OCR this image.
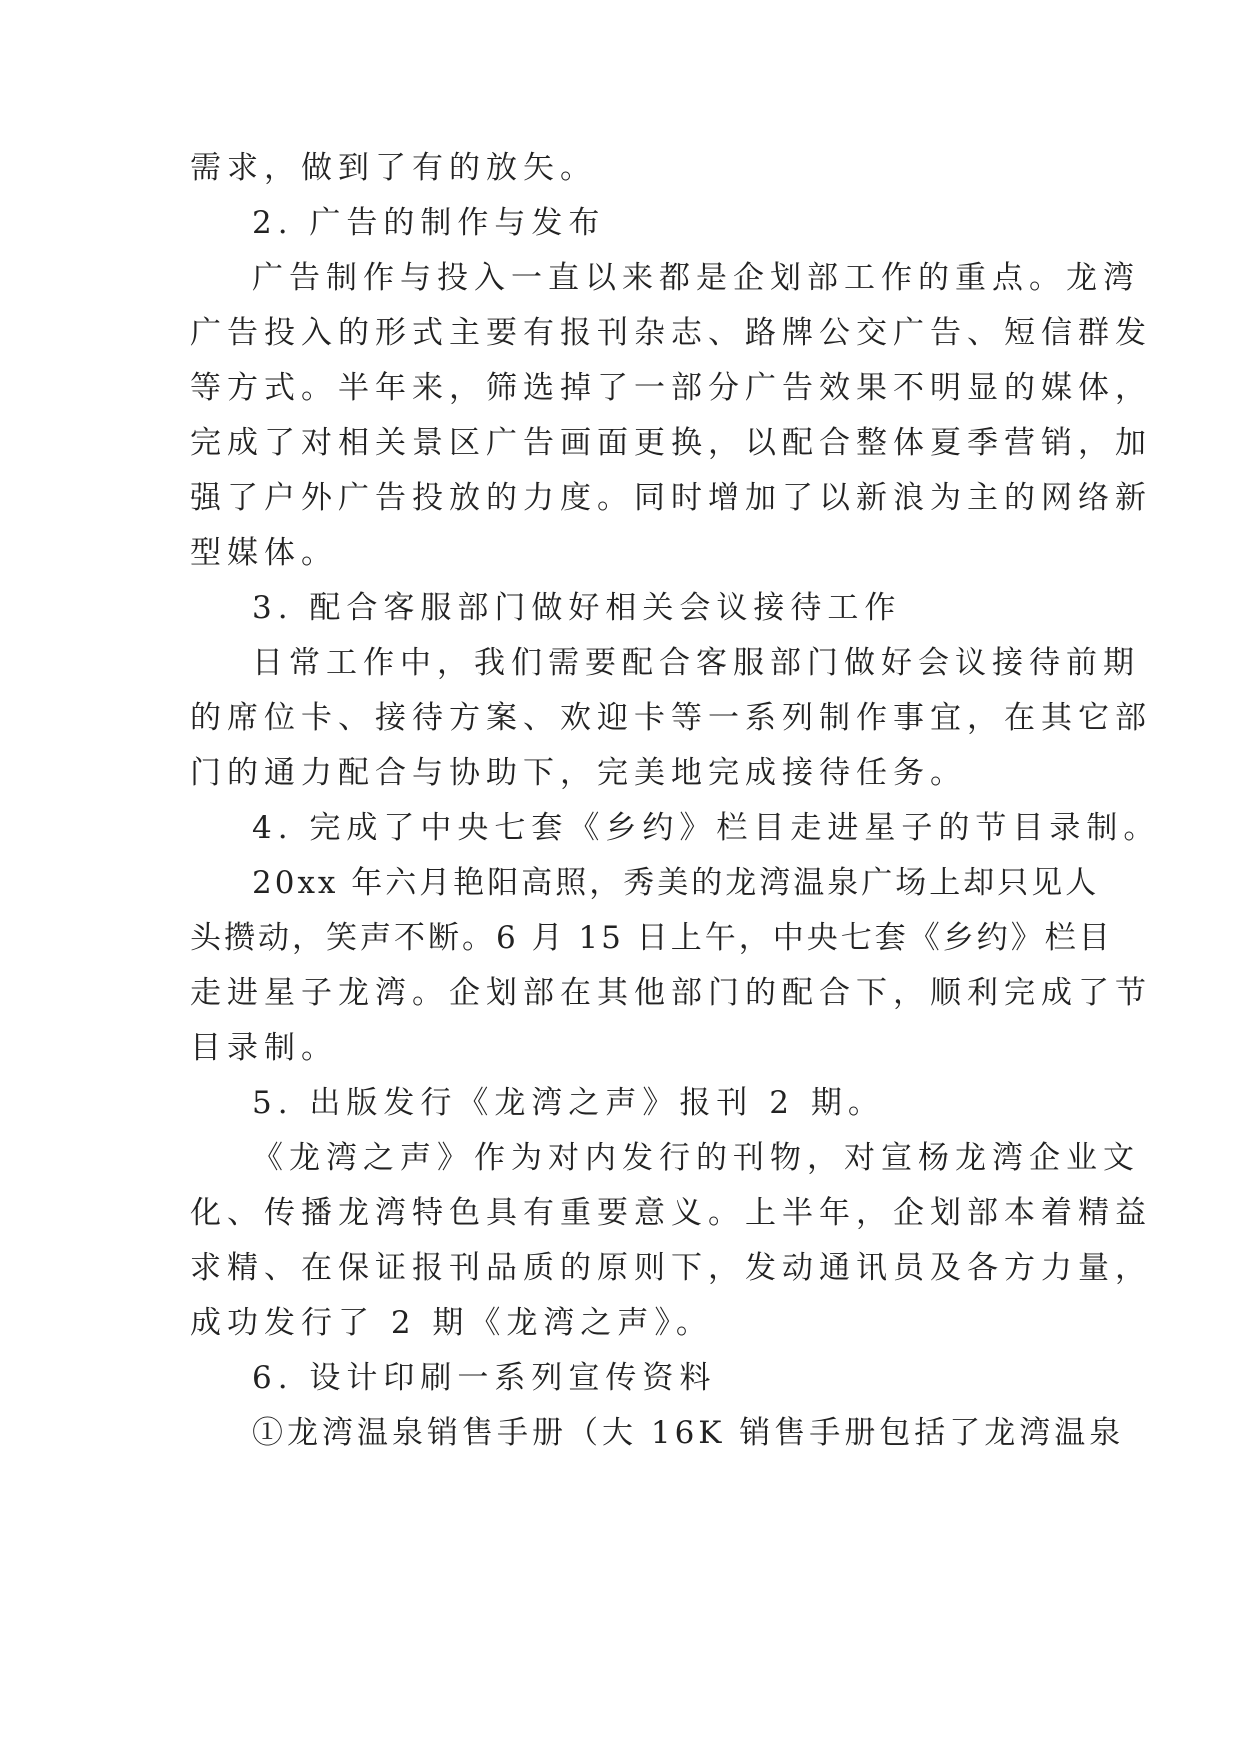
需求，做到了有的放矢。
2. 广告的制作与发布
广告制作与投入一直以来都是企划部工作的重点。龙湾
广告投入的形式主要有报刊杂志、路牌公交广告、短信群发
等方式。半年来，筛选掉了一部分广告效果不明显的媒体，
完成了对相关景区广告画面更换，以配合整体夏季营销，加
强了户外广告投放的力度。同时增加了以新浪为主的网络新
型媒体。
3. 配合客服部门做好相关会议接待工作
日常工作中，我们需要配合客服部门做好会议接待前期
的席位卡、接待方案、欢迎卡等一系列制作事宜，在其它部
门的通力配合与协助下，完美地完成接待任务。
4. 完成了中央七套《乡约》栏目走进星子的节目录制。
20xx 年六月艳阳高照，秀美的龙湾温泉广场上却只见人
头攒动，笑声不断。6 月 15 日上午，中央七套《乡约》栏目
走进星子龙湾。企划部在其他部门的配合下，顺利完成了节
目录制。
5. 出版发行《龙湾之声》报刊 2 期。
《龙湾之声》作为对内发行的刊物，对宣杨龙湾企业文
化、传播龙湾特色具有重要意义。上半年，企划部本着精益
求精、在保证报刊品质的原则下，发动通讯员及各方力量，
成功发行了 2 期《龙湾之声》。
6. 设计印刷一系列宣传资料
①龙湾温泉销售手册（大 16K 销售手册包括了龙湾温泉
